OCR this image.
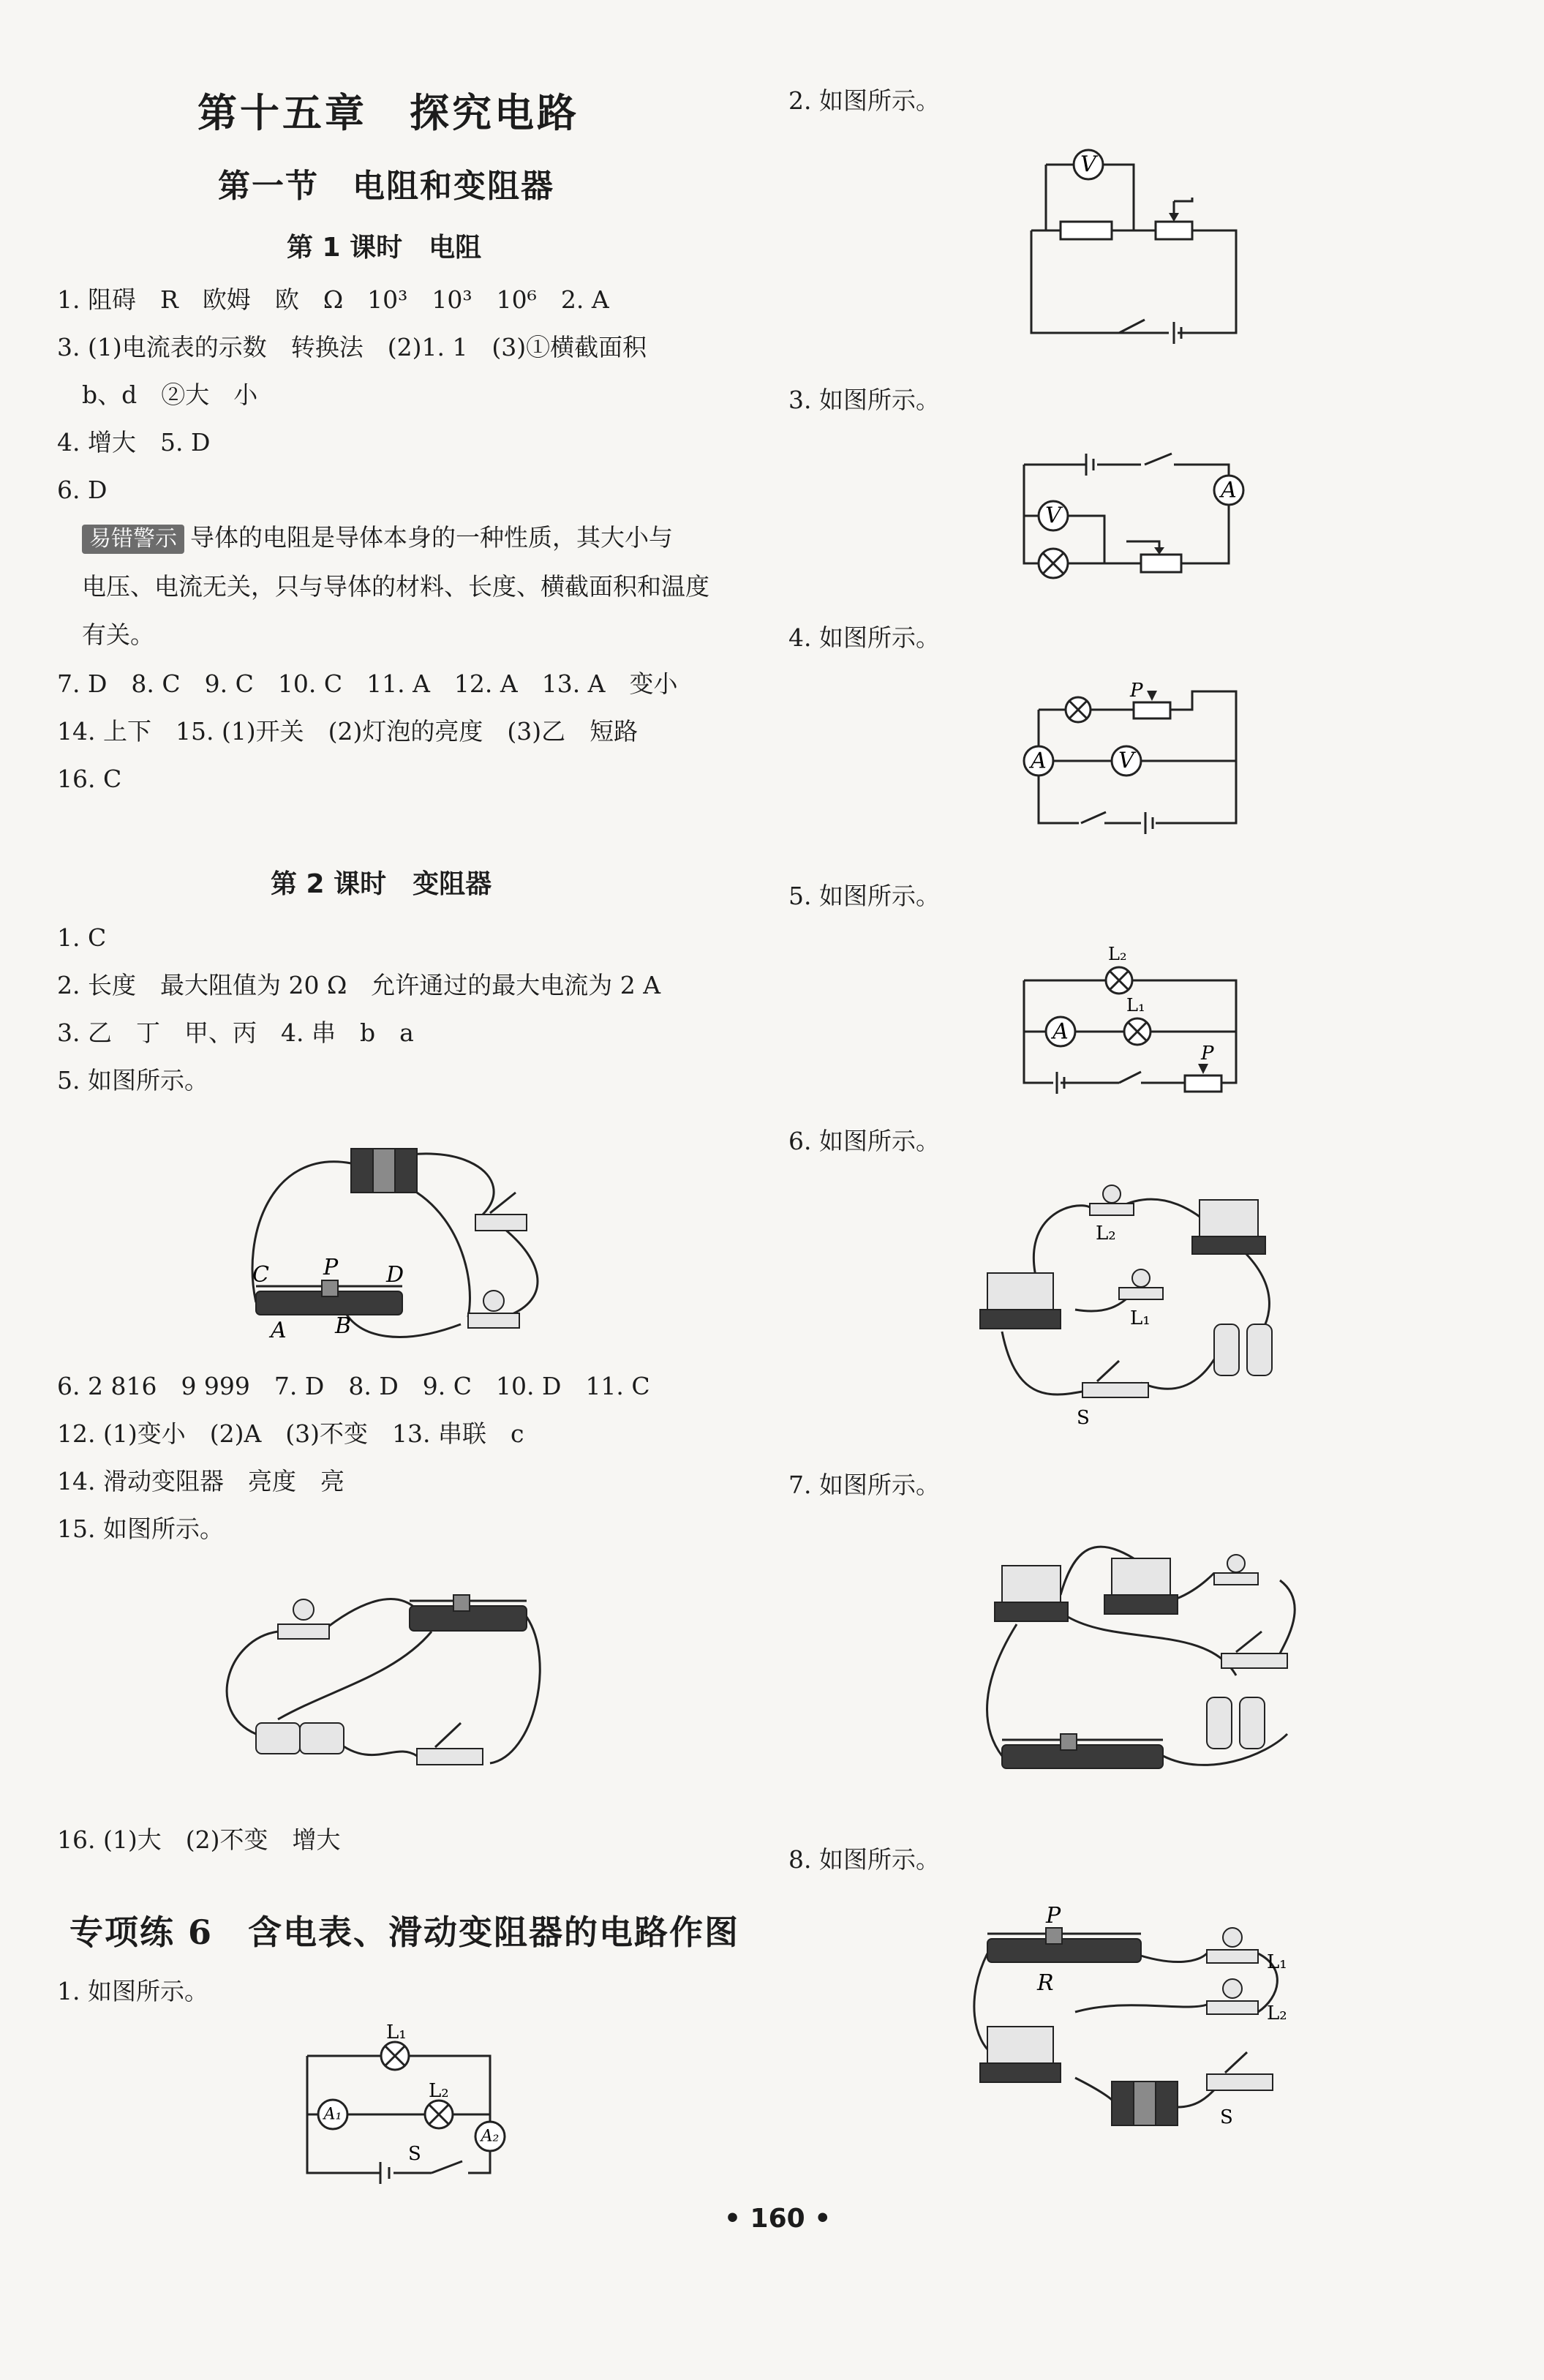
第十五章　探究电路
第一节　电阻和变阻器
第 1 课时　电阻
1. 阻碍　R　欧姆　欧　Ω　10³　10³　10⁶　2. A
3. (1)电流表的示数　转换法　(2)1. 1　(3)①横截面积
b、d　②大　小
4. 增大　5. D
6. D
易错警示 导体的电阻是导体本身的一种性质，其大小与
电压、电流无关，只与导体的材料、长度、横截面积和温度
有关。
7. D　8. C　9. C　10. C　11. A　12. A　13. A　变小
14. 上下　15. (1)开关　(2)灯泡的亮度　(3)乙　短路
16. C
第 2 课时　变阻器
1. C
2. 长度　最大阻值为 20 Ω　允许通过的最大电流为 2 A
3. 乙　丁　甲、丙　4. 串　b　a
5. 如图所示。
C P D
A B
6. 2 816　9 999　7. D　8. D　9. C　10. D　11. C
12. (1)变小　(2)A　(3)不变　13. 串联　c
14. 滑动变阻器　亮度　亮
15. 如图所示。
16. (1)大　(2)不变　增大
专项练 6　含电表、滑动变阻器的电路作图
1. 如图所示。
A₁
A₂
L₁
L₂
S
2. 如图所示。
V
3. 如图所示。
V
A
4. 如图所示。
P
V
A
5. 如图所示。
A
P
L₂
L₁
6. 如图所示。
L₂
L₁
S
7. 如图所示。
8. 如图所示。
P
R
L₁
L₂
S
• 160 •
